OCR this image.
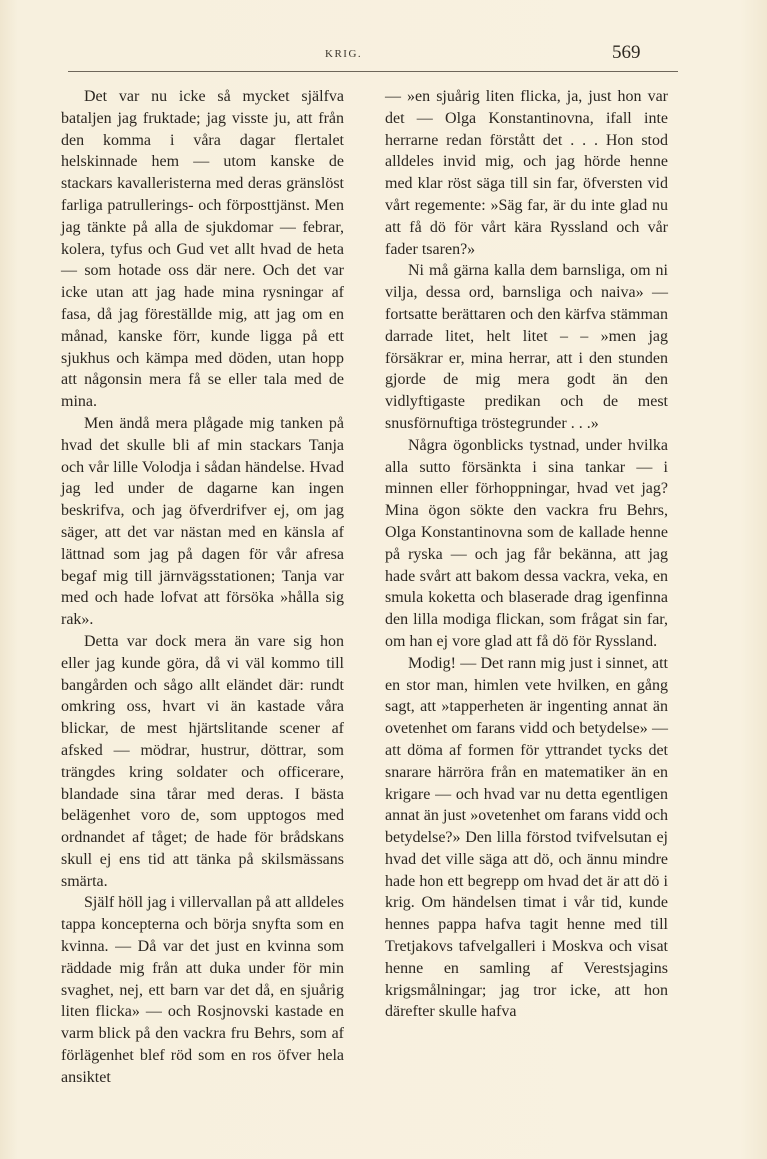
KRIG.	569

Det var nu icke så mycket själfva bataljen jag fruktade; jag visste ju, att från den komma i våra dagar flertalet helskinnade hem — utom kanske de stackars kavalleristerna med deras gränslöst farliga patrullerings- och förposttjänst. Men jag tänkte på alla de sjukdomar — febrar, kolera, tyfus och Gud vet allt hvad de heta — som hotade oss där nere. Och det var icke utan att jag hade mina rysningar af fasa, då jag föreställde mig, att jag om en månad, kanske förr, kunde ligga på ett sjukhus och kämpa med döden, utan hopp att någonsin mera få se eller tala med de mina.

Men ändå mera plågade mig tanken på hvad det skulle bli af min stackars Tanja och vår lille Volodja i sådan händelse. Hvad jag led under de dagarne kan ingen beskrifva, och jag öfverdrifver ej, om jag säger, att det var nästan med en känsla af lättnad som jag på dagen för vår afresa begaf mig till järnvägsstationen; Tanja var med och hade lofvat att försöka »hålla sig rak».

Detta var dock mera än vare sig hon eller jag kunde göra, då vi väl kommo till bangården och sågo allt eländet där: rundt omkring oss, hvart vi än kastade våra blickar, de mest hjärtslitande scener af afsked — mödrar, hustrur, döttrar, som trängdes kring soldater och officerare, blandade sina tårar med deras. I bästa belägenhet voro de, som upptogos med ordnandet af tåget; de hade för brådskans skull ej ens tid att tänka på skilsmässans smärta.

Själf höll jag i villervallan på att alldeles tappa koncepterna och börja snyfta som en kvinna. — Då var det just en kvinna som räddade mig från att duka under för min svaghet, nej, ett barn var det då, en sjuårig liten flicka» — och Rosjnovski kastade en varm blick på den vackra fru Behrs, som af förlägenhet blef röd som en ros öfver hela ansiktet

— »en sjuårig liten flicka, ja, just hon var det — Olga Konstantinovna, ifall inte herrarne redan förstått det . . . Hon stod alldeles invid mig, och jag hörde henne med klar röst säga till sin far, öfversten vid vårt regemente: »Säg far, är du inte glad nu att få dö för vårt kära Ryssland och vår fader tsaren?»

Ni må gärna kalla dem barnsliga, om ni vilja, dessa ord, barnsliga och naiva» — fortsatte berättaren och den kärfva stämman darrade litet, helt litet – – »men jag försäkrar er, mina herrar, att i den stunden gjorde de mig mera godt än den vidlyftigaste predikan och de mest snusförnuftiga tröstegrunder . . .»

Några ögonblicks tystnad, under hvilka alla sutto försänkta i sina tankar — i minnen eller förhoppningar, hvad vet jag? Mina ögon sökte den vackra fru Behrs, Olga Konstantinovna som de kallade henne på ryska — och jag får bekänna, att jag hade svårt att bakom dessa vackra, veka, en smula koketta och blaserade drag igenfinna den lilla modiga flickan, som frågat sin far, om han ej vore glad att få dö för Ryssland.

Modig! — Det rann mig just i sinnet, att en stor man, himlen vete hvilken, en gång sagt, att »tapperheten är ingenting annat än ovetenhet om farans vidd och betydelse» — att döma af formen för yttrandet tycks det snarare härröra från en matematiker än en krigare — och hvad var nu detta egentligen annat än just »ovetenhet om farans vidd och betydelse?» Den lilla förstod tvifvelsutan ej hvad det ville säga att dö, och ännu mindre hade hon ett begrepp om hvad det är att dö i krig. Om händelsen timat i vår tid, kunde hennes pappa hafva tagit henne med till Tretjakovs tafvelgalleri i Moskva och visat henne en samling af Verestsjagins krigsmålningar; jag tror icke, att hon därefter skulle hafva
